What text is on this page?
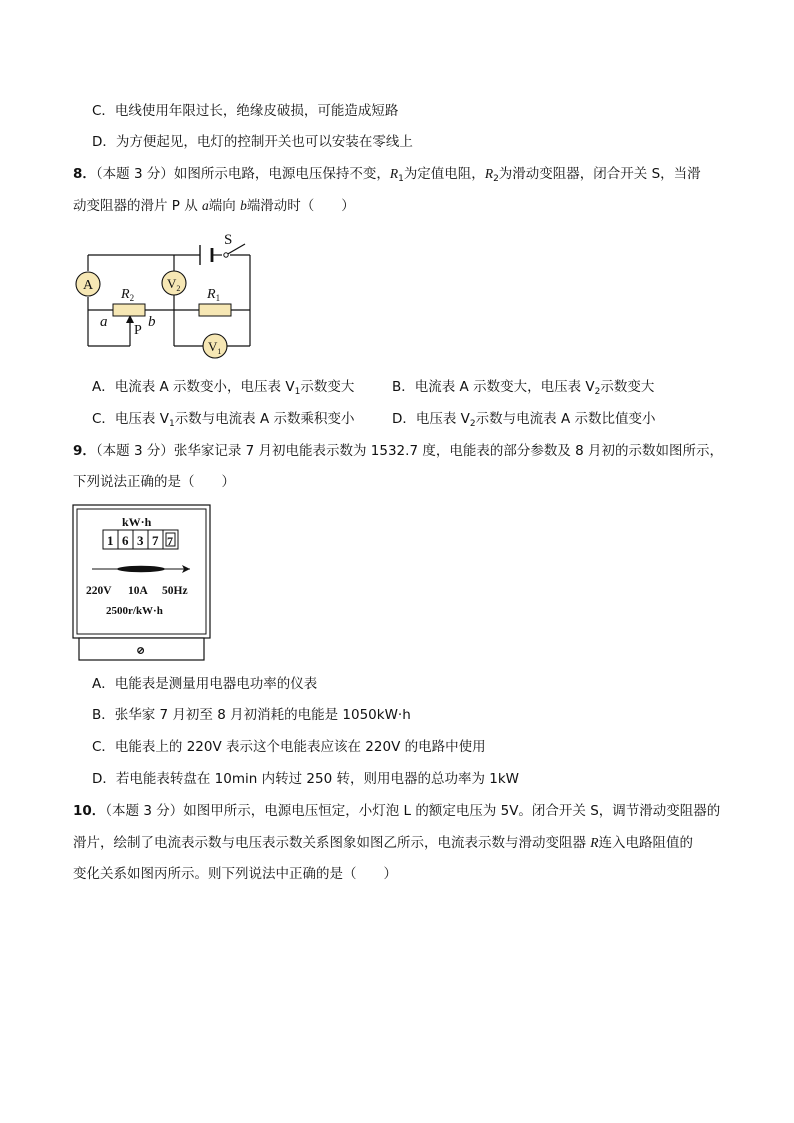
C．电线使用年限过长，绝缘皮破损，可能造成短路
D．为方便起见，电灯的控制开关也可以安装在零线上
8．（本题 3 分）如图所示电路，电源电压保持不变，$R_1$为定值电阻，$R_2$为滑动变阻器，闭合开关 S，当滑
动变阻器的滑片 P 从 a端向 b端滑动时（　　）
S
A	$V_2$
$V_1$
$R_2$	$R_1$
a	b
P
A．电流表 A 示数变小，电压表 $V_1$示数变大	B．电流表 A 示数变大，电压表 $V_2$示数变大
C．电压表 $V_1$示数与电流表 A 示数乘积变小	D．电压表 $V_2$示数与电流表 A 示数比值变小
9．（本题 3 分）张华家记录 7 月初电能表示数为 1532.7 度，电能表的部分参数及 8 月初的示数如图所示，
下列说法正确的是（　　）
⊘
kW·h
1 6 3 7 7
220V 10A 50Hz
2500r/kW·h
A．电能表是测量用电器电功率的仪表
B．张华家 7 月初至 8 月初消耗的电能是 1050kW·h
C．电能表上的 220V 表示这个电能表应该在 220V 的电路中使用
D．若电能表转盘在 10min 内转过 250 转，则用电器的总功率为 1kW
10．（本题 3 分）如图甲所示，电源电压恒定，小灯泡 L 的额定电压为 5V。闭合开关 S，调节滑动变阻器的
滑片，绘制了电流表示数与电压表示数关系图象如图乙所示，电流表示数与滑动变阻器 R连入电路阻值的
变化关系如图丙所示。则下列说法中正确的是（　　）
